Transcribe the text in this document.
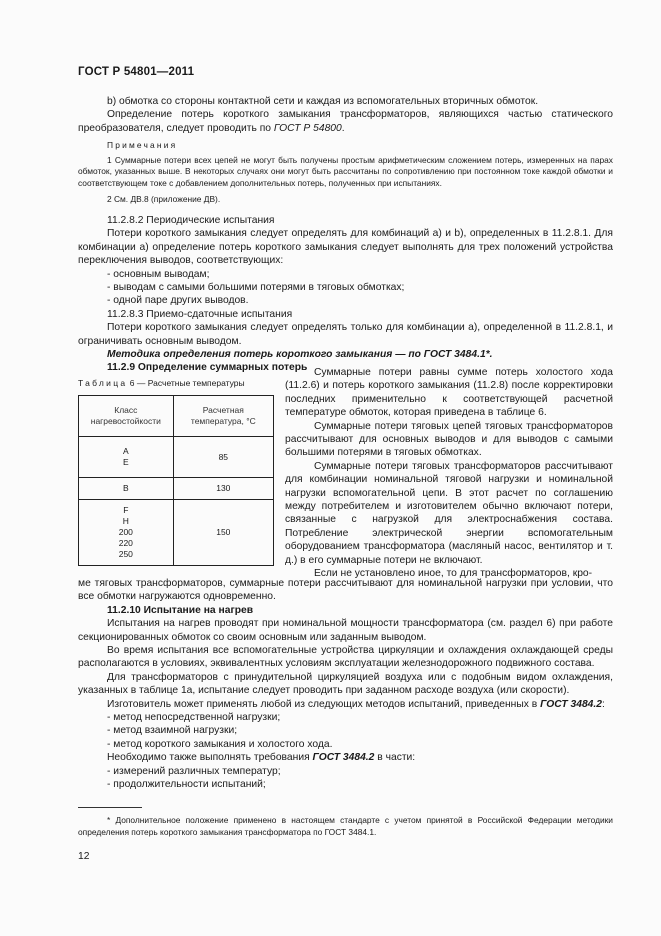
ГОСТ Р 54801—2011

b) обмотка со стороны контактной сети и каждая из вспомогательных вторичных обмоток.

Определение потерь короткого замыкания трансформаторов, являющихся частью статического преобразователя, следует проводить по ГОСТ Р 54800.

Примечания

1 Суммарные потери всех цепей не могут быть получены простым арифметическим сложением потерь, измеренных на парах обмоток, указанных выше. В некоторых случаях они могут быть рассчитаны по сопротивлению при постоянном токе каждой обмотки и соответствующем токе с добавлением дополнительных потерь, полученных при испытаниях.

2 См. ДВ.8 (приложение ДВ).

11.2.8.2 Периодические испытания

Потери короткого замыкания следует определять для комбинаций а) и b), определенных в 11.2.8.1. Для комбинации а) определение потерь короткого замыкания следует выполнять для трех положений устройства переключения выводов, соответствующих:

- основным выводам;

- выводам с самыми большими потерями в тяговых обмотках;

- одной паре других выводов.

11.2.8.3 Приемо-сдаточные испытания

Потери короткого замыкания следует определять только для комбинации а), определенной в 11.2.8.1, и ограничивать основным выводом.

Методика определения потерь короткого замыкания — по ГОСТ 3484.1*.

11.2.9 Определение суммарных потерь

Таблица 6 — Расчетные температуры
Класс нагревостойкости	Расчетная температура, °С

A
E	85
B	130

F
H
200
220
250	150

Суммарные потери равны сумме потерь холостого хода (11.2.6) и потерь короткого замыкания (11.2.8) после корректировки последних применительно к соответствующей расчетной температуре обмоток, которая приведена в таблице 6.

Суммарные потери тяговых цепей тяговых трансформаторов рассчитывают для основных выводов и для выводов с самыми большими потерями в тяговых обмотках.

Суммарные потери тяговых трансформаторов рассчитывают для комбинации номинальной тяговой нагрузки и номинальной нагрузки вспомогательной цепи. В этот расчет по соглашению между потребителем и изготовителем обычно включают потери, связанные с нагрузкой для электроснабжения состава. Потребление электрической энергии вспомогательным оборудованием трансформатора (масляный насос, вентилятор и т. д.) в его суммарные потери не включают.

Если не установлено иное, то для трансформаторов, кро-

ме тяговых трансформаторов, суммарные потери рассчитывают для номинальной нагрузки при условии, что все обмотки нагружаются одновременно.

11.2.10 Испытание на нагрев

Испытания на нагрев проводят при номинальной мощности трансформатора (см. раздел 6) при работе секционированных обмоток со своим основным или заданным выводом.

Во время испытания все вспомогательные устройства циркуляции и охлаждения охлаждающей среды располагаются в условиях, эквивалентных условиям эксплуатации железнодорожного подвижного состава.

Для трансформаторов с принудительной циркуляцией воздуха или с подобным видом охлаждения, указанных в таблице 1а, испытание следует проводить при заданном расходе воздуха (или скорости).

Изготовитель может применять любой из следующих методов испытаний, приведенных в ГОСТ 3484.2:

- метод непосредственной нагрузки;

- метод взаимной нагрузки;

- метод короткого замыкания и холостого хода.

Необходимо также выполнять требования ГОСТ 3484.2 в части:

- измерений различных температур;

- продолжительности испытаний;

* Дополнительное положение применено в настоящем стандарте с учетом принятой в Российской Федерации методики определения потерь короткого замыкания трансформатора по ГОСТ 3484.1.

12
